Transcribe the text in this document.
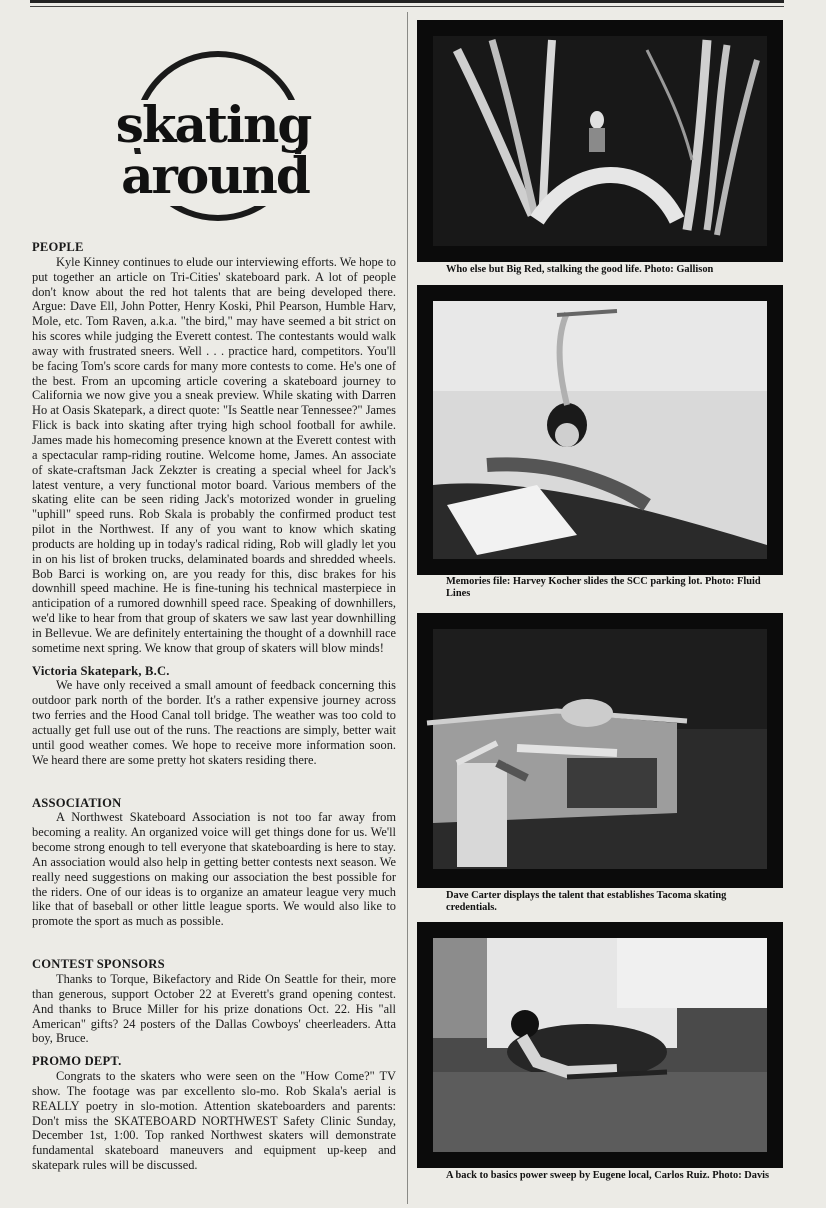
skating
around
PEOPLE

Kyle Kinney continues to elude our interviewing efforts. We hope to put together an article on Tri-Cities' skateboard park. A lot of people don't know about the red hot talents that are being developed there. Argue: Dave Ell, John Potter, Henry Koski, Phil Pearson, Humble Harv, Mole, etc. Tom Raven, a.k.a. "the bird," may have seemed a bit strict on his scores while judging the Everett contest. The contestants would walk away with frustrated sneers. Well . . . practice hard, competitors. You'll be facing Tom's score cards for many more contests to come. He's one of the best. From an upcoming article covering a skateboard journey to California we now give you a sneak preview. While skating with Darren Ho at Oasis Skatepark, a direct quote: "Is Seattle near Tennessee?" James Flick is back into skating after trying high school football for awhile. James made his homecoming presence known at the Everett contest with a spectacular ramp-riding routine. Welcome home, James. An associate of skate-craftsman Jack Zekzter is creating a special wheel for Jack's latest venture, a very functional motor board. Various members of the skating elite can be seen riding Jack's motorized wonder in grueling "uphill" speed runs. Rob Skala is probably the confirmed product test pilot in the Northwest. If any of you want to know which skating products are holding up in today's radical riding, Rob will gladly let you in on his list of broken trucks, delaminated boards and shredded wheels. Bob Barci is working on, are you ready for this, disc brakes for his downhill speed machine. He is fine-tuning his technical masterpiece in anticipation of a rumored downhill speed race. Speaking of downhillers, we'd like to hear from that group of skaters we saw last year downhilling in Bellevue. We are definitely entertaining the thought of a downhill race sometime next spring. We know that group of skaters will blow minds!

Victoria Skatepark, B.C.

We have only received a small amount of feedback concerning this outdoor park north of the border. It's a rather expensive journey across two ferries and the Hood Canal toll bridge. The weather was too cold to actually get full use out of the runs. The reactions are simply, better wait until good weather comes. We hope to receive more information soon. We heard there are some pretty hot skaters residing there.

ASSOCIATION

A Northwest Skateboard Association is not too far away from becoming a reality. An organized voice will get things done for us. We'll become strong enough to tell everyone that skateboarding is here to stay. An association would also help in getting better contests next season. We really need suggestions on making our association the best possible for the riders. One of our ideas is to organize an amateur league very much like that of baseball or other little league sports. We would also like to promote the sport as much as possible.

CONTEST SPONSORS

Thanks to Torque, Bikefactory and Ride On Seattle for their, more than generous, support October 22 at Everett's grand opening contest. And thanks to Bruce Miller for his prize donations Oct. 22. His "all American" gifts? 24 posters of the Dallas Cowboys' cheerleaders. Atta boy, Bruce.

PROMO DEPT.

Congrats to the skaters who were seen on the "How Come?" TV show. The footage was par excellento slo-mo. Rob Skala's aerial is REALLY poetry in slo-motion. Attention skateboarders and parents: Don't miss the SKATEBOARD NORTHWEST Safety Clinic Sunday, December 1st, 1:00. Top ranked Northwest skaters will demonstrate fundamental skateboard maneuvers and equipment up-keep and skatepark rules will be discussed.

Who else but Big Red, stalking the good life. Photo: Gallison
Memories file: Harvey Kocher slides the SCC parking lot. Photo: Fluid Lines
Dave Carter displays the talent that establishes Tacoma skating credentials.
A back to basics power sweep by Eugene local, Carlos Ruiz. Photo: Davis
